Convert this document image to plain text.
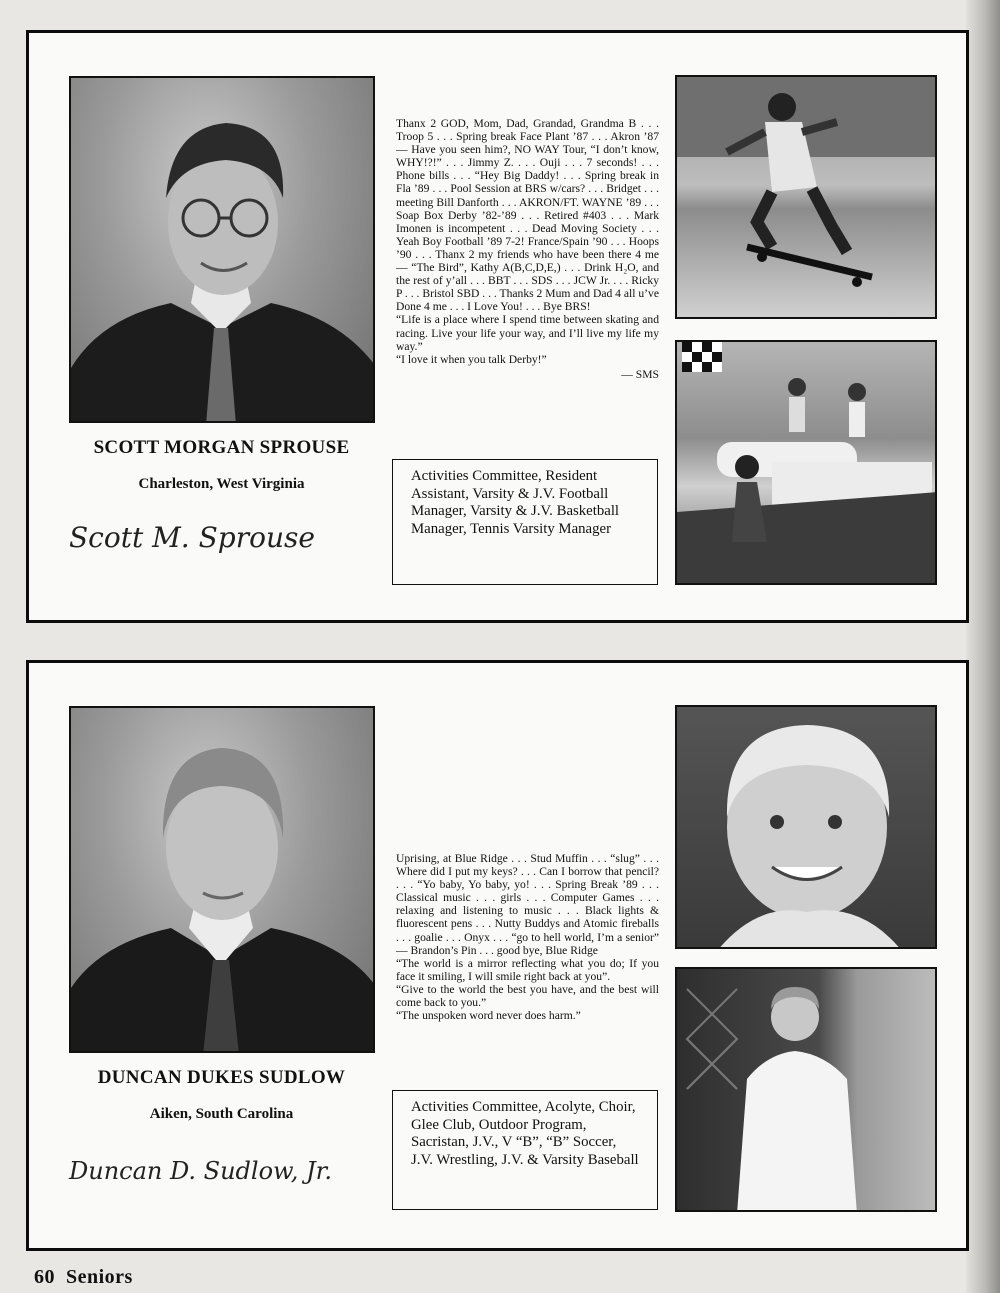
SCOTT MORGAN SPROUSE
Charleston, West Virginia
Scott M. Sprouse

Thanx 2 GOD, Mom, Dad, Grandad, Grandma B . . . Troop 5 . . . Spring break Face Plant ’87 . . . Akron ’87 — Have you seen him?, NO WAY Tour, “I don’t know, WHY!?!” . . . Jimmy Z. . . . Ouji . . . 7 seconds! . . . Phone bills . . . “Hey Big Daddy! . . . Spring break in Fla ’89 . . . Pool Session at BRS w/cars? . . . Bridget . . . meeting Bill Danforth . . . AKRON/FT. WAYNE ’89 . . . Soap Box Derby ’82-’89 . . . Retired #403 . . . Mark Imonen is incompetent . . . Dead Moving Society . . . Yeah Boy Football ’89 7-2! France/Spain ’90 . . . Hoops ’90 . . . Thanx 2 my friends who have been there 4 me — “The Bird”, Kathy A(B,C,D,E,) . . . Drink H₂O, and the rest of y’all . . . BBT . . . SDS . . . JCW Jr. . . . Ricky P . . . Bristol SBD . . . Thanks 2 Mum and Dad 4 all u’ve Done 4 me . . . I Love You! . . . Bye BRS!

“Life is a place where I spend time between skating and racing. Live your life your way, and I’ll live my life my way.”

“I love it when you talk Derby!”

— SMS

Activities Committee, Resident Assistant, Varsity & J.V. Football Manager, Varsity & J.V. Basketball Manager, Tennis Varsity Manager
DUNCAN DUKES SUDLOW
Aiken, South Carolina
Duncan D. Sudlow, Jr.

Uprising, at Blue Ridge . . . Stud Muffin . . . “slug” . . . Where did I put my keys? . . . Can I borrow that pencil? . . . “Yo baby, Yo baby, yo! . . . Spring Break ’89 . . . Classical music . . . girls . . . Computer Games . . . relaxing and listening to music . . . Black lights & fluorescent pens . . . Nutty Buddys and Atomic fireballs . . . goalie . . . Onyx . . . “go to hell world, I’m a senior” — Brandon’s Pin . . . good bye, Blue Ridge

“The world is a mirror reflecting what you do; If you face it smiling, I will smile right back at you”.

“Give to the world the best you have, and the best will come back to you.”

“The unspoken word never does harm.”

Activities Committee, Acolyte, Choir, Glee Club, Outdoor Program, Sacristan, J.V., V “B”, “B” Soccer, J.V. Wrestling, J.V. & Varsity Baseball
60 Seniors
